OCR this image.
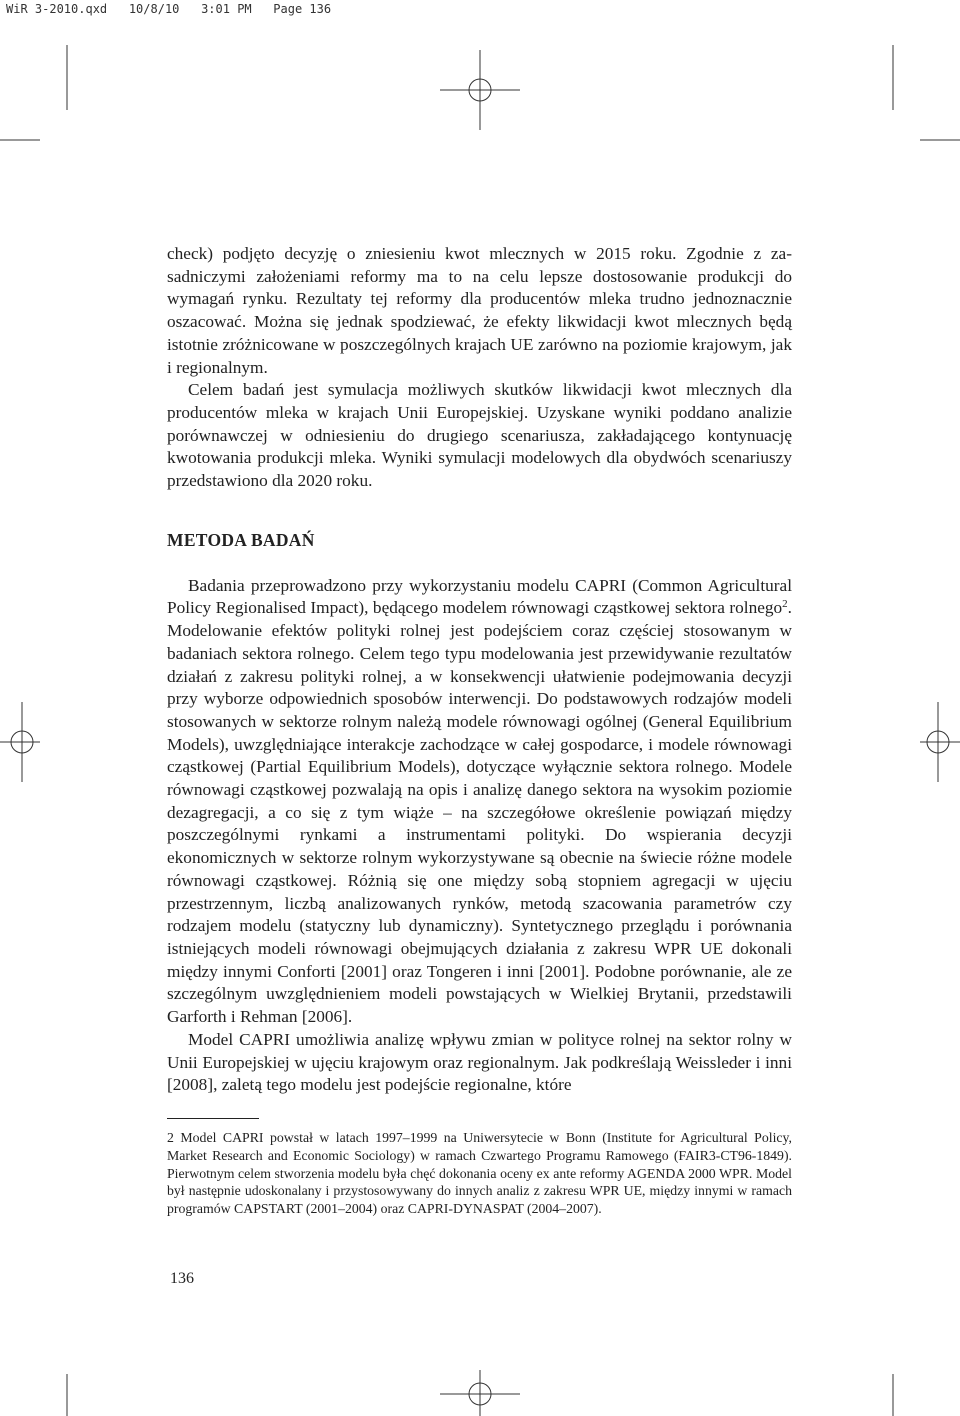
WiR 3-2010.qxd   10/8/10   3:01 PM   Page 136

check) podjęto decyzję o zniesieniu kwot mlecznych w 2015 roku. Zgodnie z zasadniczymi założeniami reformy ma to na celu lepsze dostosowanie produkcji do wymagań rynku. Rezultaty tej reformy dla producentów mleka trudno jednoznacznie oszacować. Można się jednak spodziewać, że efekty likwidacji kwot mlecznych będą istotnie zróżnicowane w poszczególnych krajach UE zarówno na poziomie krajowym, jak i regionalnym.

Celem badań jest symulacja możliwych skutków likwidacji kwot mlecznych dla producentów mleka w krajach Unii Europejskiej. Uzyskane wyniki poddano analizie porównawczej w odniesieniu do drugiego scenariusza, zakładającego kontynuację kwotowania produkcji mleka. Wyniki symulacji modelowych dla obydwóch scenariuszy przedstawiono dla 2020 roku.

METODA BADAŃ

Badania przeprowadzono przy wykorzystaniu modelu CAPRI (Common Agricultural Policy Regionalised Impact), będącego modelem równowagi cząstkowej sektora rolnego$^2$. Modelowanie efektów polityki rolnej jest podejściem coraz częściej stosowanym w badaniach sektora rolnego. Celem tego typu modelowania jest przewidywanie rezultatów działań z zakresu polityki rolnej, a w konsekwencji ułatwienie podejmowania decyzji przy wyborze odpowiednich sposobów interwencji. Do podstawowych rodzajów modeli stosowanych w sektorze rolnym należą modele równowagi ogólnej (General Equilibrium Models), uwzględniające interakcje zachodzące w całej gospodarce, i modele równowagi cząstkowej (Partial Equilibrium Models), dotyczące wyłącznie sektora rolnego. Modele równowagi cząstkowej pozwalają na opis i analizę danego sektora na wysokim poziomie dezagregacji, a co się z tym wiąże – na szczegółowe określenie powiązań między poszczególnymi rynkami a instrumentami polityki. Do wspierania decyzji ekonomicznych w sektorze rolnym wykorzystywane są obecnie na świecie różne modele równowagi cząstkowej. Różnią się one między sobą stopniem agregacji w ujęciu przestrzennym, liczbą analizowanych rynków, metodą szacowania parametrów czy rodzajem modelu (statyczny lub dynamiczny). Syntetycznego przeglądu i porównania istniejących modeli równowagi obejmujących działania z zakresu WPR UE dokonali między innymi Conforti [2001] oraz Tongeren i inni [2001]. Podobne porównanie, ale ze szczególnym uwzględnieniem modeli powstających w Wielkiej Brytanii, przedstawili Garforth i Rehman [2006].

Model CAPRI umożliwia analizę wpływu zmian w polityce rolnej na sektor rolny w Unii Europejskiej w ujęciu krajowym oraz regionalnym. Jak podkreślają Weissleder i inni [2008], zaletą tego modelu jest podejście regionalne, które

2 Model CAPRI powstał w latach 1997–1999 na Uniwersytecie w Bonn (Institute for Agricultural Policy, Market Research and Economic Sociology) w ramach Czwartego Programu Ramowego (FAIR3-CT96-1849). Pierwotnym celem stworzenia modelu była chęć dokonania oceny ex ante reformy AGENDA 2000 WPR. Model był następnie udoskonalany i przystosowywany do innych analiz z zakresu WPR UE, między innymi w ramach programów CAPSTART (2001–2004) oraz CAPRI-DYNASPAT (2004–2007).
136
